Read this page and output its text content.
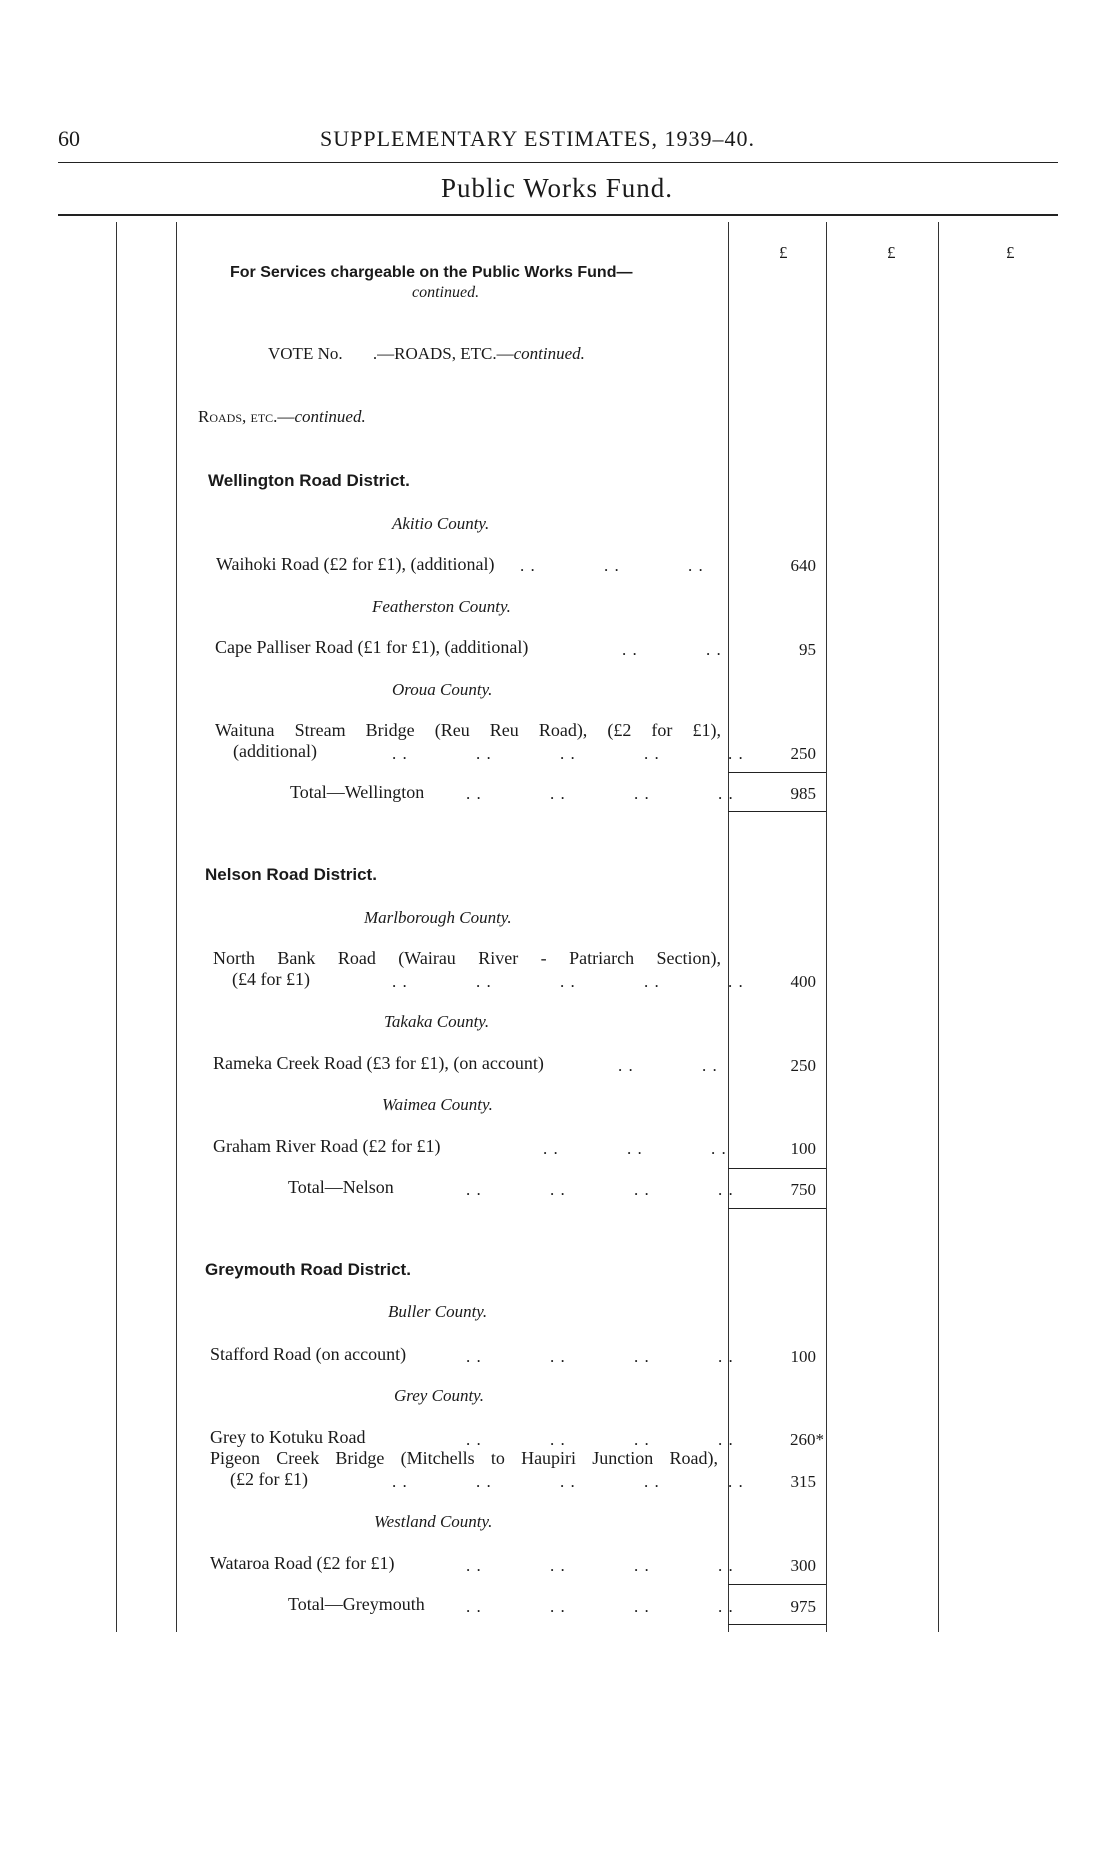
60	SUPPLEMENTARY ESTIMATES, 1939–40.
Public Works Fund.
£	£	£
For Services chargeable on the Public Works Fund—
continued.
VOTE No. .—ROADS, ETC.—continued.
Roads, etc.—continued.
Wellington Road District.
Akitio County.
Waihoki Road (£2 for £1), (additional) . .             . .             . .	640
Featherston County.
Cape Palliser Road (£1 for £1), (additional)	. .             . .	95
Oroua County.
Waituna Stream Bridge (Reu Reu Road), (£2 for £1),
(additional)	. .             . .             . .             . .             . .	250
Total—Wellington . .             . .             . .             . .	985
Nelson Road District.
Marlborough County.
North Bank Road (Wairau River - Patriarch Section),
(£4 for £1)	. .             . .             . .             . .             . .	400
Takaka County.
Rameka Creek Road (£3 for £1), (on account)	. .             . .	250
Waimea County.
Graham River Road (£2 for £1)	. .             . .             . .	100
Total—Nelson	. .             . .             . .             . .	750
Greymouth Road District.
Buller County.
Stafford Road (on account)	. .             . .             . .             . .	100
Grey County.
Grey to Kotuku Road	. .             . .             . .             . .	260*
Pigeon Creek Bridge (Mitchells to Haupiri Junction Road),
(£2 for £1)	. .             . .             . .             . .             . .	315
Westland County.
Wataroa Road (£2 for £1)	. .             . .             . .             . .	300
Total—Greymouth . .             . .             . .             . .	975
